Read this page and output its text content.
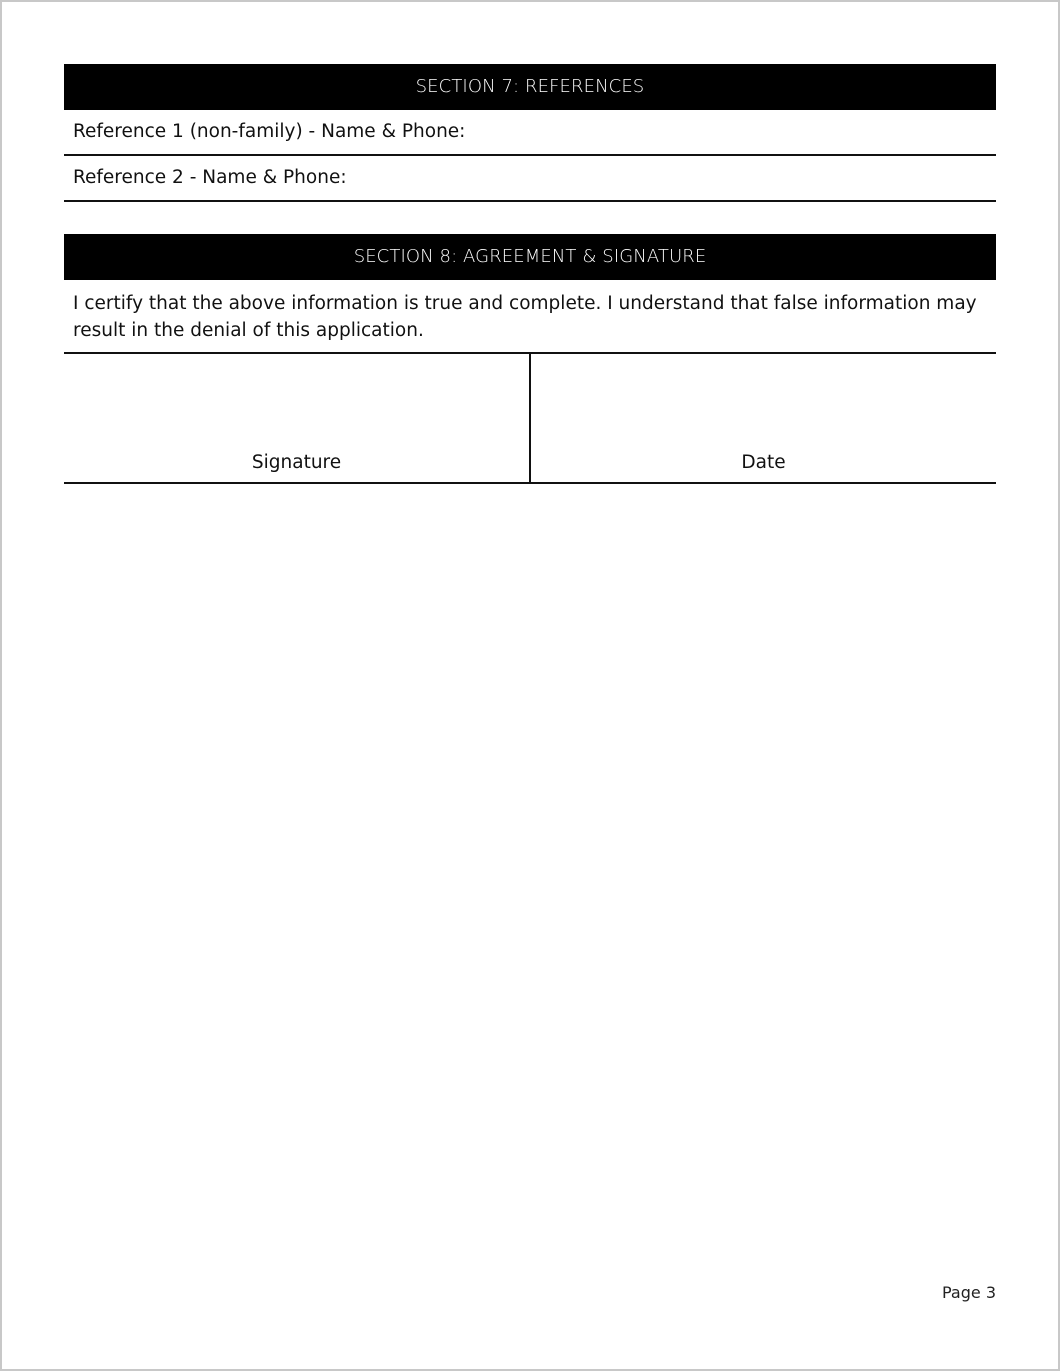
SECTION 7: REFERENCES
Reference 1 (non-family) - Name & Phone:
Reference 2 - Name & Phone:
SECTION 8: AGREEMENT & SIGNATURE
I certify that the above information is true and complete. I understand that false information may result in the denial of this application.
Signature	Date
Page 3
